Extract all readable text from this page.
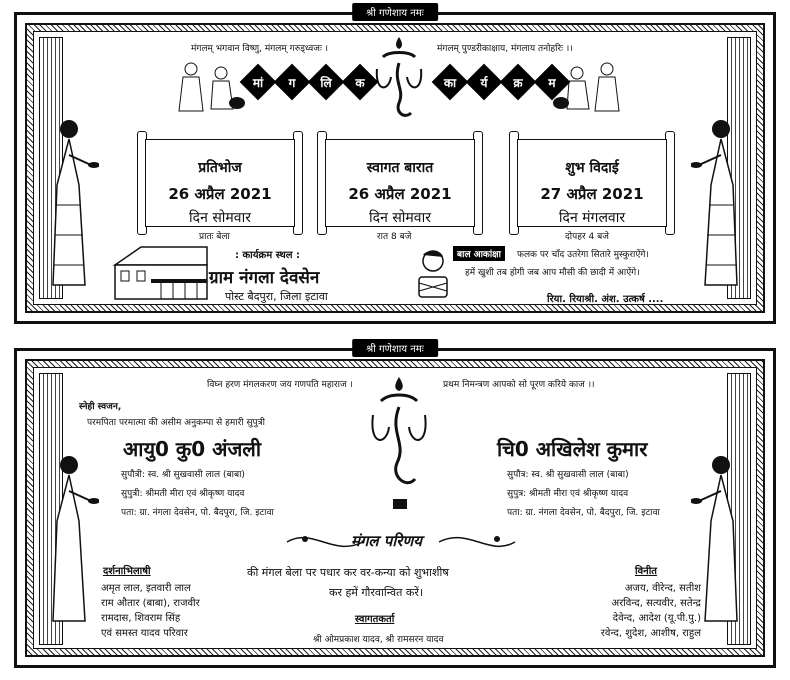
श्री गणेशाय नमः
मंगलम् भगवान विष्णु, मंगलम् गरुड्ध्वजः ।	मंगलम् पुण्डरीकाक्षाय, मंगलाय तनोहरिः ।।
मां	ग	लि	क	का	र्य	क्र	म
प्रतिभोज
26 अप्रैल 2021
दिन सोमवार
स्वागत बारात
26 अप्रैल 2021
दिन सोमवार
शुभ विदाई
27 अप्रैल 2021
दिन मंगलवार
प्रातः बेला	रात 8 बजे	दोपहर 4 बजे
: कार्यक्रम स्थल :
ग्राम नंगला देवसेन
पोस्ट बैदपुरा, जिला इटावा
बाल आकांक्षा	फलक पर चाँद उतरेगा सितारे मुस्कुराऐंगे।
हमें खुशी तब होगी जब आप मौसी की छादी में आऐंगे।
रिया. रियाश्री. अंश. उत्कर्ष ....
श्री गणेशाय नमः
विघ्न हरण मंगलकरण जय गणपति महाराज ।	प्रथम निमन्त्रण आपको सो पूरण करिये काज ।।
स्नेही स्वजन,
परमपिता परमात्मा की असीम अनुकम्पा से हमारी सुपुत्री
आयु0 कु0 अंजली
सुपौत्री: स्व. श्री सुखवासी लाल (बाबा)
सुपुत्री: श्रीमती मीरा एवं श्रीकृष्ण यादव
पता: ग्रा. नंगला देवसेन, पो. बैदपुरा, जि. इटावा
चि0 अखिलेश कुमार
सुपौत्र: स्व. श्री सुखवासी लाल (बाबा)
सुपुत्र: श्रीमती मीरा एवं श्रीकृष्ण यादव
पता: ग्रा. नंगला देवसेन, पो. बैदपुरा, जि. इटावा
मंगल परिणय
की मंगल बेला पर पधार कर वर-कन्या को शुभाशीष
कर हमें गौरवान्वित करें।
स्वागतकर्ता
श्री ओमप्रकाश यादव, श्री रामसरन यादव
दर्शनाभिलाषी
अमृत लाल, इतवारी लाल
राम औतार (बाबा), राजवीर
रामदास, शिवराम सिंह
एवं समस्त यादव परिवार
विनीत
अजय, वीरेन्द, सतीश
अरविन्द, सत्यवीर, सतेन्द्र
देवेन्द, आदेश (यू.पी.पु.)
रवेन्द, शुदेश, आशीष, राहुल
